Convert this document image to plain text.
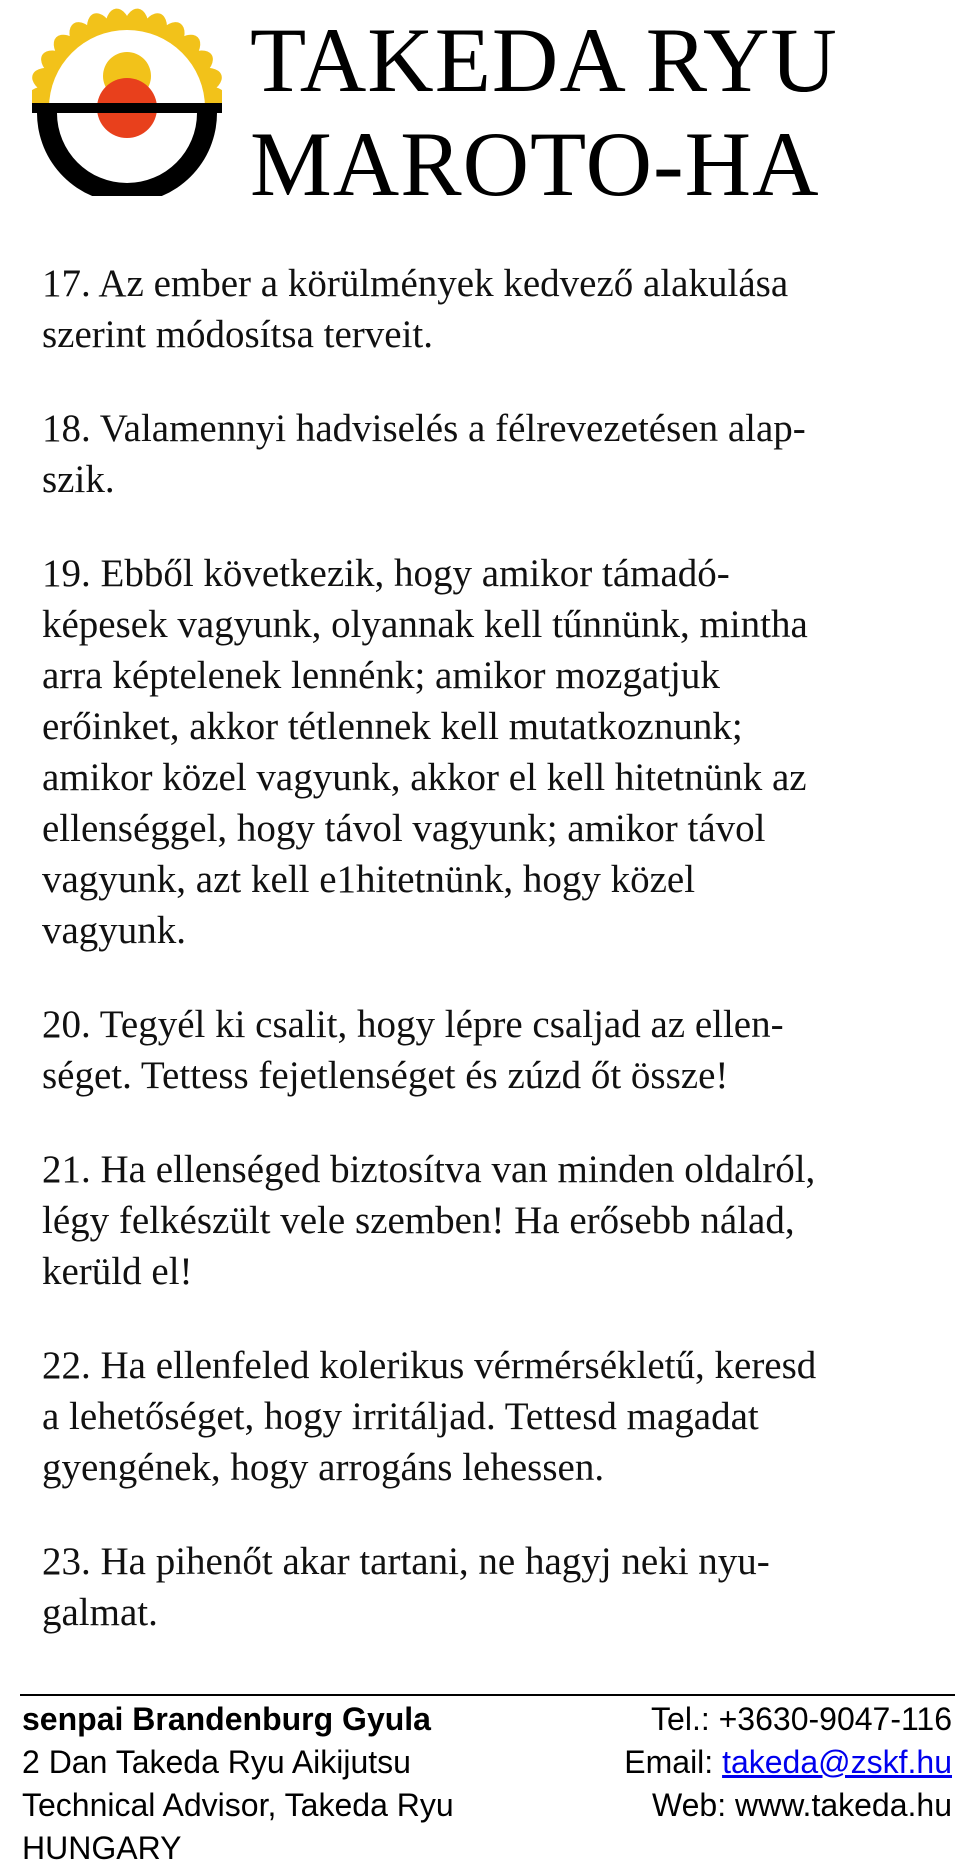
TAKEDA RYU
MAROTO-HA

17. Az ember a körülmények kedvező alakulása
szerint módosítsa terveit.

18. Valamennyi hadviselés a félrevezetésen alap-
szik.

19. Ebből következik, hogy amikor támadó-
képesek vagyunk, olyannak kell tűnnünk, mintha
arra képtelenek lennénk; amikor mozgatjuk
erőinket, akkor tétlennek kell mutatkoznunk;
amikor közel vagyunk, akkor el kell hitetnünk az
ellenséggel, hogy távol vagyunk; amikor távol
vagyunk, azt kell e1hitetnünk, hogy közel
vagyunk.

20. Tegyél ki csalit, hogy lépre csaljad az ellen-
séget. Tettess fejetlenséget és zúzd őt össze!

21. Ha ellenséged biztosítva van minden oldalról,
légy felkészült vele szemben! Ha erősebb nálad,
kerüld el!

22. Ha ellenfeled kolerikus vérmérsékletű, keresd
a lehetőséget, hogy irritáljad. Tettesd magadat
gyengének, hogy arrogáns lehessen.

23. Ha pihenőt akar tartani, ne hagyj neki nyu-
galmat.

senpai Brandenburg Gyula	Tel.: +3630-9047-116
2 Dan Takeda Ryu Aikijutsu	Email: takeda@zskf.hu
Technical Advisor, Takeda Ryu	Web: www.takeda.hu
HUNGARY
